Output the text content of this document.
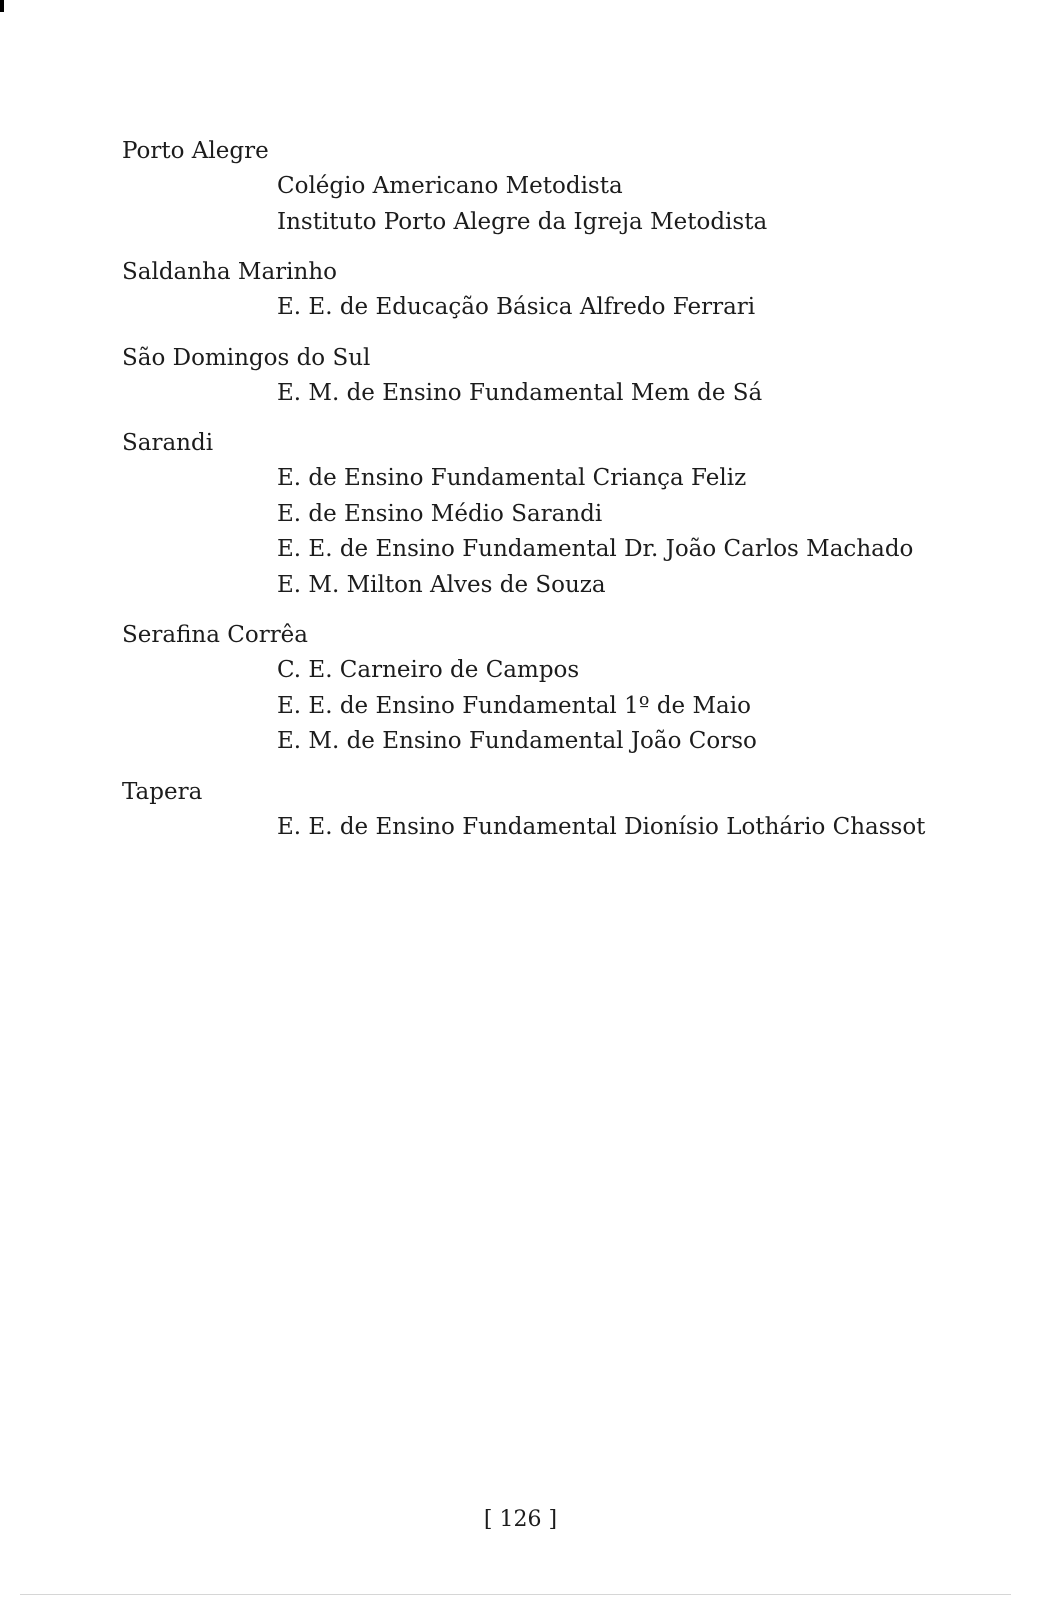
Porto Alegre
Colégio Americano Metodista
Instituto Porto Alegre da Igreja Metodista
Saldanha Marinho
E. E. de Educação Básica Alfredo Ferrari
São Domingos do Sul
E. M. de Ensino Fundamental Mem de Sá
Sarandi
E. de Ensino Fundamental Criança Feliz
E. de Ensino Médio Sarandi
E. E. de Ensino Fundamental Dr. João Carlos Machado
E. M. Milton Alves de Souza
Serafina Corrêa
C. E. Carneiro de Campos
E. E. de Ensino Fundamental 1º de Maio
E. M. de Ensino Fundamental João Corso
Tapera
E. E. de Ensino Fundamental Dionísio Lothário Chassot
[ 126 ]
